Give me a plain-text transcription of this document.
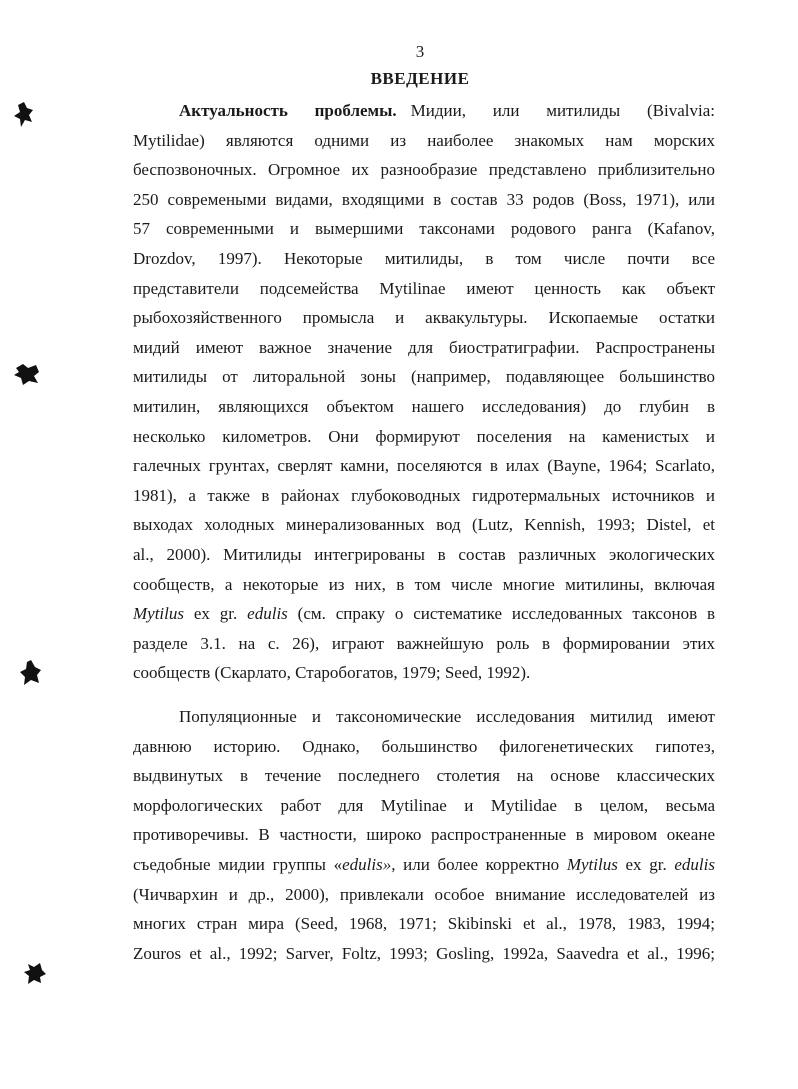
3
ВВЕДЕНИЕ
Актуальность проблемы. Мидии, или митилиды (Bivalvia:
Mytilidae) являются одними из наиболее знакомых нам морских
беспозвоночных. Огромное их разнообразие представлено приблизительно
250 современыми видами, входящими в состав 33 родов (Boss, 1971), или
57 современными и вымершими таксонами родового ранга (Kafanov,
Drozdov, 1997). Некоторые митилиды, в том числе почти все
представители подсемейства Mytilinae имеют ценность как объект
рыбохозяйственного промысла и аквакультуры. Ископаемые остатки
мидий имеют важное значение для биостратиграфии. Распространены
митилиды от литоральной зоны (например, подавляющее большинство
митилин, являющихся объектом нашего исследования) до глубин в
несколько километров. Они формируют поселения на каменистых и
галечных грунтах, сверлят камни, поселяются в илах (Bayne, 1964; Scarlato,
1981), а также в районах глубоководных гидротермальных источников и
выходах холодных минерализованных вод (Lutz, Kennish, 1993; Distel, et
al., 2000). Митилиды интегрированы в состав различных экологических
сообществ, а некоторые из них, в том числе многие митилины, включая
Mytilus ex gr. edulis (см. спраку о систематике исследованных таксонов в
разделе 3.1. на с. 26), играют важнейшую роль в формировании этих
сообществ (Скарлато, Старобогатов, 1979; Seed, 1992).
Популяционные и таксономические исследования митилид имеют
давнюю историю. Однако, большинство филогенетических гипотез,
выдвинутых в течение последнего столетия на основе классических
морфологических работ для Mytilinae и Mytilidae в целом, весьма
противоречивы. В частности, широко распространенные в мировом океане
съедобные мидии группы «edulis», или более корректно Mytilus ex gr. edulis
(Чичвархин и др., 2000), привлекали особое внимание исследователей из
многих стран мира (Seed, 1968, 1971; Skibinski et al., 1978, 1983, 1994;
Zouros et al., 1992; Sarver, Foltz, 1993; Gosling, 1992a, Saavedra et al., 1996;
